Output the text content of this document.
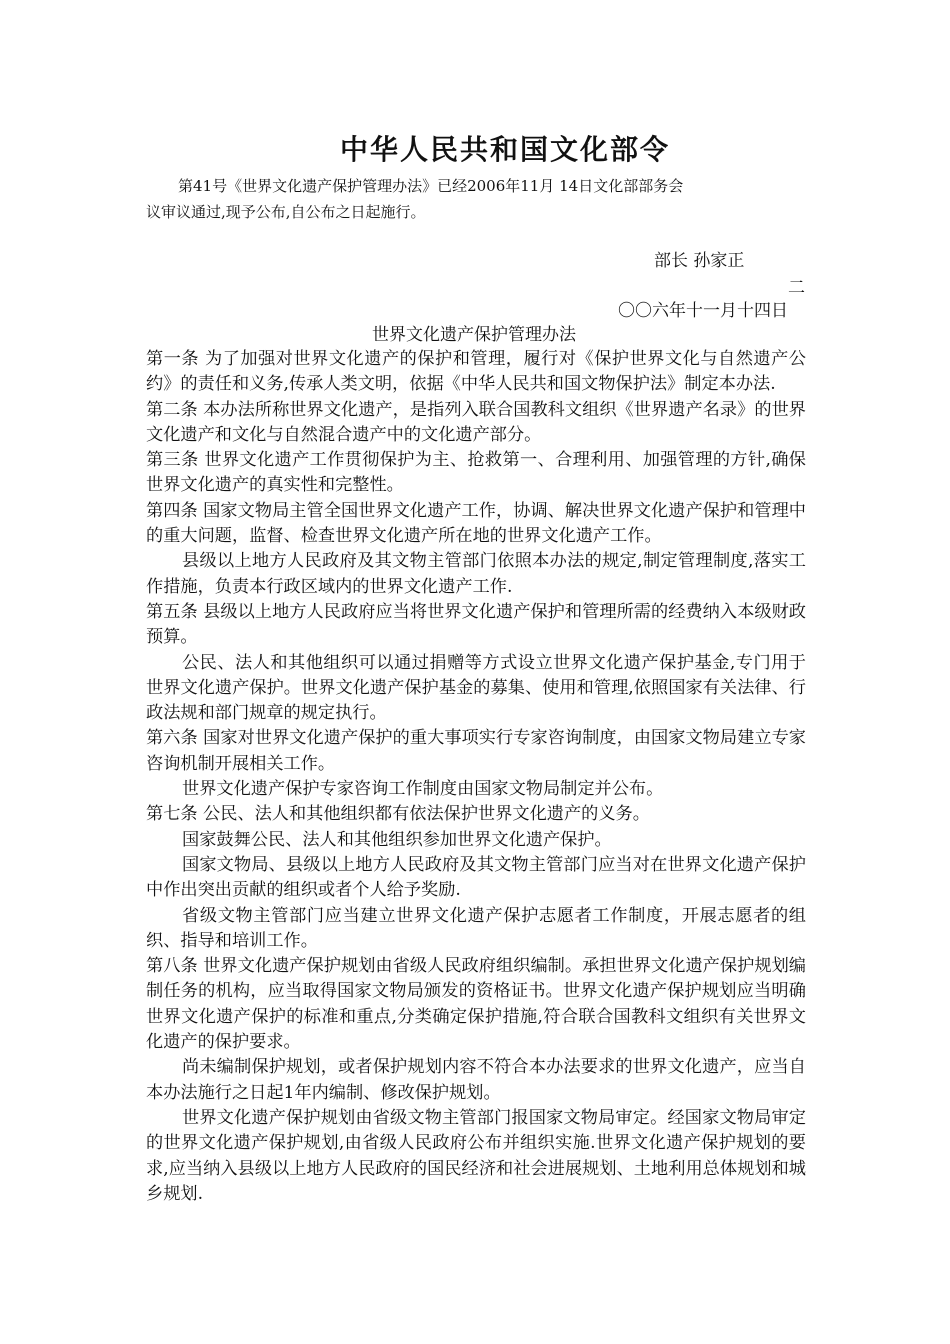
中华人民共和国文化部令
第41号《世界文化遗产保护管理办法》已经2006年11月 14日文化部部务会
议审议通过,现予公布,自公布之日起施行。
部长 孙家正
二
〇〇六年十一月十四日
世界文化遗产保护管理办法

第一条 为了加强对世界文化遗产的保护和管理，履行对《保护世界文化与自然遗产公约》的责任和义务,传承人类文明，依据《中华人民共和国文物保护法》制定本办法.

第二条 本办法所称世界文化遗产，是指列入联合国教科文组织《世界遗产名录》的世界文化遗产和文化与自然混合遗产中的文化遗产部分。

第三条 世界文化遗产工作贯彻保护为主、抢救第一、合理利用、加强管理的方针,确保世界文化遗产的真实性和完整性。

第四条 国家文物局主管全国世界文化遗产工作，协调、解决世界文化遗产保护和管理中的重大问题，监督、检查世界文化遗产所在地的世界文化遗产工作。

县级以上地方人民政府及其文物主管部门依照本办法的规定,制定管理制度,落实工作措施，负责本行政区域内的世界文化遗产工作.

第五条 县级以上地方人民政府应当将世界文化遗产保护和管理所需的经费纳入本级财政预算。

公民、法人和其他组织可以通过捐赠等方式设立世界文化遗产保护基金,专门用于世界文化遗产保护。世界文化遗产保护基金的募集、使用和管理,依照国家有关法律、行政法规和部门规章的规定执行。

第六条 国家对世界文化遗产保护的重大事项实行专家咨询制度，由国家文物局建立专家咨询机制开展相关工作。

世界文化遗产保护专家咨询工作制度由国家文物局制定并公布。

第七条 公民、法人和其他组织都有依法保护世界文化遗产的义务。

国家鼓舞公民、法人和其他组织参加世界文化遗产保护。

国家文物局、县级以上地方人民政府及其文物主管部门应当对在世界文化遗产保护中作出突出贡献的组织或者个人给予奖励.

省级文物主管部门应当建立世界文化遗产保护志愿者工作制度，开展志愿者的组织、指导和培训工作。

第八条 世界文化遗产保护规划由省级人民政府组织编制。承担世界文化遗产保护规划编制任务的机构，应当取得国家文物局颁发的资格证书。世界文化遗产保护规划应当明确世界文化遗产保护的标准和重点,分类确定保护措施,符合联合国教科文组织有关世界文化遗产的保护要求。

尚未编制保护规划，或者保护规划内容不符合本办法要求的世界文化遗产，应当自本办法施行之日起1年内编制、修改保护规划。

世界文化遗产保护规划由省级文物主管部门报国家文物局审定。经国家文物局审定的世界文化遗产保护规划,由省级人民政府公布并组织实施.世界文化遗产保护规划的要求,应当纳入县级以上地方人民政府的国民经济和社会进展规划、土地利用总体规划和城乡规划.
